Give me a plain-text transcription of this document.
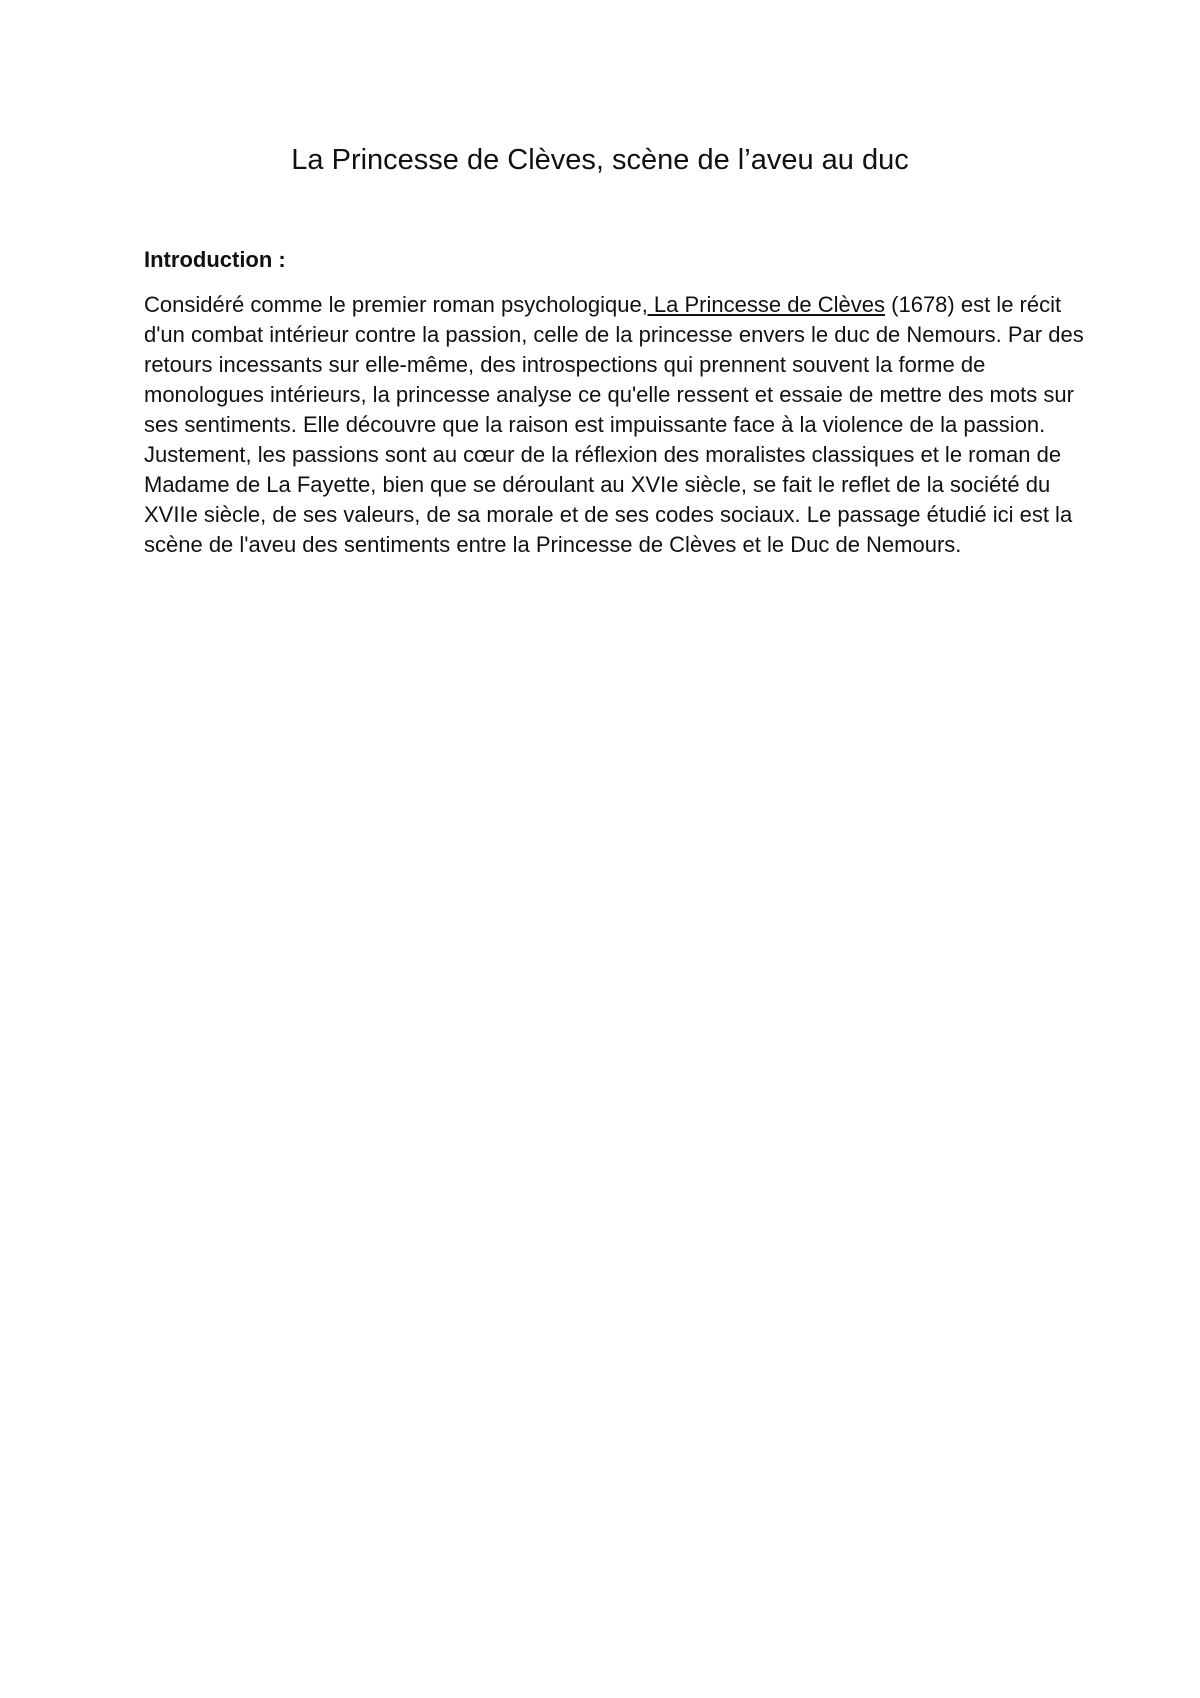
La Princesse de Clèves, scène de l’aveu au duc
Introduction :

Considéré comme le premier roman psychologique, La Princesse de Clèves (1678) est le récit d'un combat intérieur contre la passion, celle de la princesse envers le duc de Nemours. Par des retours incessants sur elle-même, des introspections qui prennent souvent la forme de monologues intérieurs, la princesse analyse ce qu'elle ressent et essaie de mettre des mots sur ses sentiments. Elle découvre que la raison est impuissante face à la violence de la passion. Justement, les passions sont au cœur de la réflexion des moralistes classiques et le roman de Madame de La Fayette, bien que se déroulant au XVIe siècle, se fait le reflet de la société du XVIIe siècle, de ses valeurs, de sa morale et de ses codes sociaux. Le passage étudié ici est la scène de l'aveu des sentiments entre la Princesse de Clèves et le Duc de Nemours.
